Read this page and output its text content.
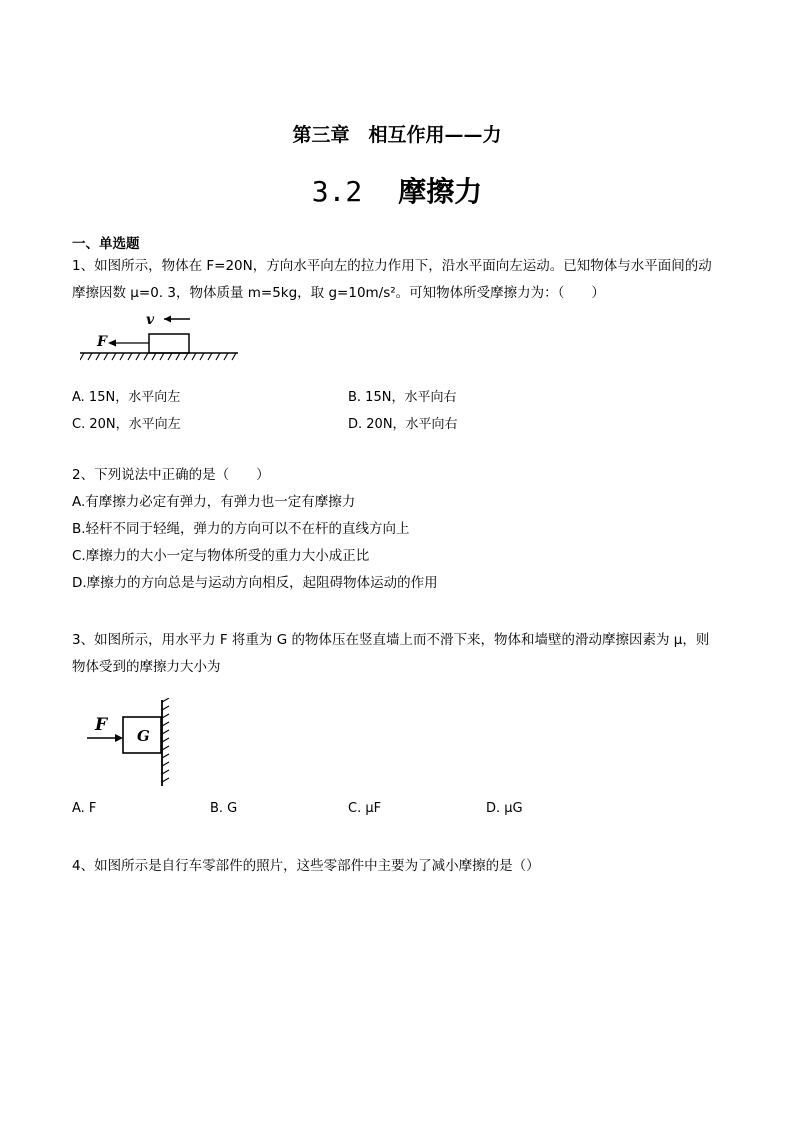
第三章　相互作用——力
3.2 摩擦力
一、单选题
1、如图所示，物体在 F=20N，方向水平向左的拉力作用下，沿水平面向左运动。已知物体与水平面间的动
摩擦因数 μ=0. 3，物体质量 m=5kg，取 g=10m/s²。可知物体所受摩擦力为：（　　）
v
F
A. 15N，水平向左	B. 15N，水平向右
C. 20N，水平向左	D. 20N，水平向右
2、下列说法中正确的是（　　）
A.有摩擦力必定有弹力，有弹力也一定有摩擦力
B.轻杆不同于轻绳，弹力的方向可以不在杆的直线方向上
C.摩擦力的大小一定与物体所受的重力大小成正比
D.摩擦力的方向总是与运动方向相反，起阻碍物体运动的作用
3、如图所示，用水平力 F 将重为 G 的物体压在竖直墙上而不滑下来，物体和墙壁的滑动摩擦因素为 μ，则
物体受到的摩擦力大小为
F
G
A. F	B. G	C. μF	D. μG
4、如图所示是自行车零部件的照片，这些零部件中主要为了减小摩擦的是（）
